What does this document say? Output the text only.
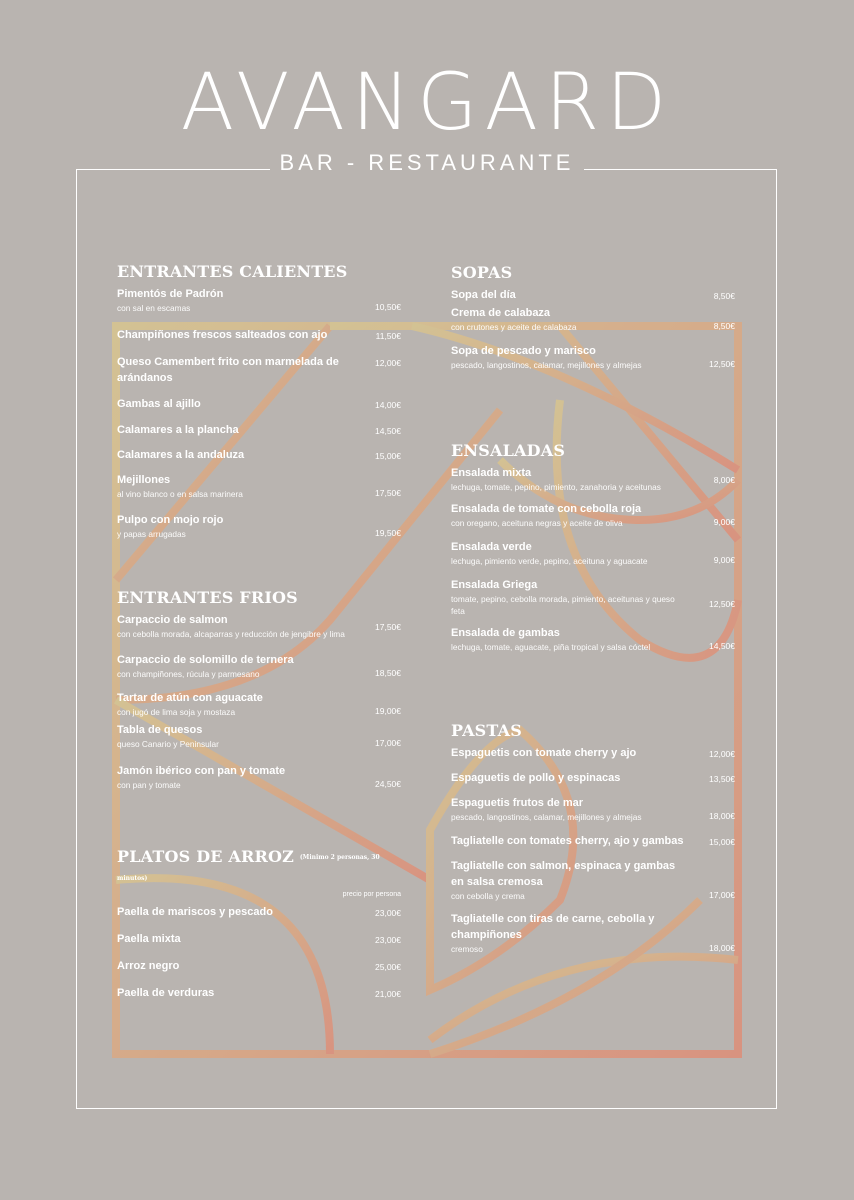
AVANGARD
BAR - RESTAURANTE
ENTRANTES CALIENTES
Pimentós de Padrón
con sal en escamas	10,50€
Champiñones frescos salteados con ajo	11,50€
Queso Camembert frito con marmelada de arándanos
12,00€
Gambas al ajillo	14,00€
Calamares a la plancha	14,50€
Calamares a la andaluza	15,00€
Mejillones
al vino blanco o en salsa marinera	17,50€
Pulpo con mojo rojo
y papas arrugadas	19,50€
ENTRANTES FRIOS
Carpaccio de salmon
con cebolla morada, alcaparras y reducción de jengibre y lima
17,50€
Carpaccio de solomillo de ternera
con champiñones, rúcula y parmesano	18,50€
Tartar de atún con aguacate
con jugó de lima soja y mostaza	19,00€
Tabla de quesos
queso Canario y Peninsular	17,00€
Jamón ibérico con pan y tomate
con pan y tomate	24,50€
PLATOS DE ARROZ (Minimo 2 personas, 30 minutos)
precio por persona
Paella de mariscos y pescado	23,00€
Paella mixta	23,00€
Arroz negro	25,00€
Paella de verduras	21,00€
SOPAS
Sopa del día	8,50€
Crema de calabaza
con crutones y aceite de calabaza	8,50€
Sopa de pescado y marisco
pescado, langostinos, calamar, mejillones y almejas	12,50€
ENSALADAS
Ensalada mixta
lechuga, tomate, pepino, pimiento, zanahoria y aceitunas
8,00€
Ensalada de tomate con cebolla roja
con oregano, aceituna negras y aceite de oliva	9,00€
Ensalada verde
lechuga, pimiento verde, pepino, aceituna y aguacate	9,00€
Ensalada Griega
tomate, pepino, cebolla morada, pimiento, aceitunas y queso feta
12,50€
Ensalada de gambas
lechuga, tomate, aguacate, piña tropical y salsa cóctel	14,50€
PASTAS
Espaguetis con tomate cherry y ajo	12,00€
Espaguetis de pollo y espinacas	13,50€
Espaguetis frutos de mar
pescado, langostinos, calamar, mejillones y almejas	18,00€
Tagliatelle con tomates cherry, ajo y gambas	15,00€
Tagliatelle con salmon, espinaca y gambas en salsa cremosa
con cebolla y crema	17,00€
Tagliatelle con tiras de carne, cebolla y champiñones
cremoso	18,00€
